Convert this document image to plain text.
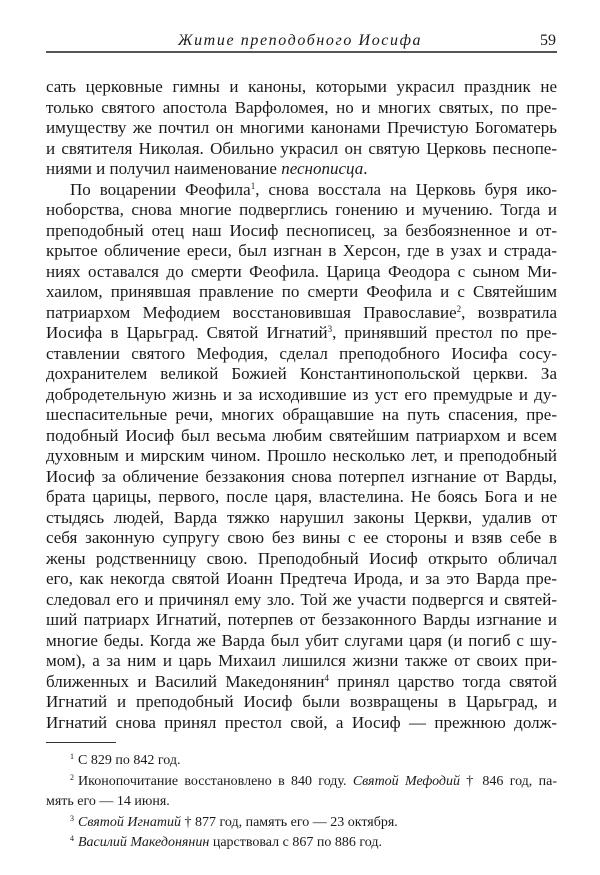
Житие преподобного Иосифа	59
сать церковные гимны и каноны, которыми украсил праздник не
только святого апостола Варфоломея, но и многих святых, по пре-
имуществу же почтил он многими канонами Пречистую Богоматерь
и святителя Николая. Обильно украсил он святую Церковь песнопе-
ниями и получил наименование песнописца.
По воцарении Феофила$^1$, снова восстала на Церковь буря ико-
ноборства, снова многие подверглись гонению и мучению. Тогда и
преподобный отец наш Иосиф песнописец, за безбоязненное и от-
крытое обличение ереси, был изгнан в Херсон, где в узах и страда-
ниях оставался до смерти Феофила. Царица Феодора с сыном Ми-
хаилом, принявшая правление по смерти Феофила и с Святейшим
патриархом Мефодием восстановившая Православие$^2$, возвратила
Иосифа в Царьград. Святой Игнатий$^3$, принявший престол по пре-
ставлении святого Мефодия, сделал преподобного Иосифа сосу-
дохранителем великой Божией Константинопольской церкви. За
добродетельную жизнь и за исходившие из уст его премудрые и ду-
шеспасительные речи, многих обращавшие на путь спасения, пре-
подобный Иосиф был весьма любим святейшим патриархом и всем
духовным и мирским чином. Прошло несколько лет, и преподобный
Иосиф за обличение беззакония снова потерпел изгнание от Варды,
брата царицы, первого, после царя, властелина. Не боясь Бога и не
стыдясь людей, Варда тяжко нарушил законы Церкви, удалив от
себя законную супругу свою без вины с ее стороны и взяв себе в
жены родственницу свою. Преподобный Иосиф открыто обличал
его, как некогда святой Иоанн Предтеча Ирода, и за это Варда пре-
следовал его и причинял ему зло. Той же участи подвергся и святей-
ший патриарх Игнатий, потерпев от беззаконного Варды изгнание и
многие беды. Когда же Варда был убит слугами царя (и погиб с шу-
мом), а за ним и царь Михаил лишился жизни также от своих при-
ближенных и Василий Македонянин$^4$ принял царство тогда святой
Игнатий и преподобный Иосиф были возвращены в Царьград, и
Игнатий снова принял престол свой, а Иосиф — прежнюю долж-
$^1$ С 829 по 842 год.
$^2$ Иконопочитание восстановлено в 840 году. Святой Мефодий † 846 год, па-
мять его — 14 июня.
$^3$ Святой Игнатий † 877 год, память его — 23 октября.
$^4$ Василий Македонянин царствовал с 867 по 886 год.
